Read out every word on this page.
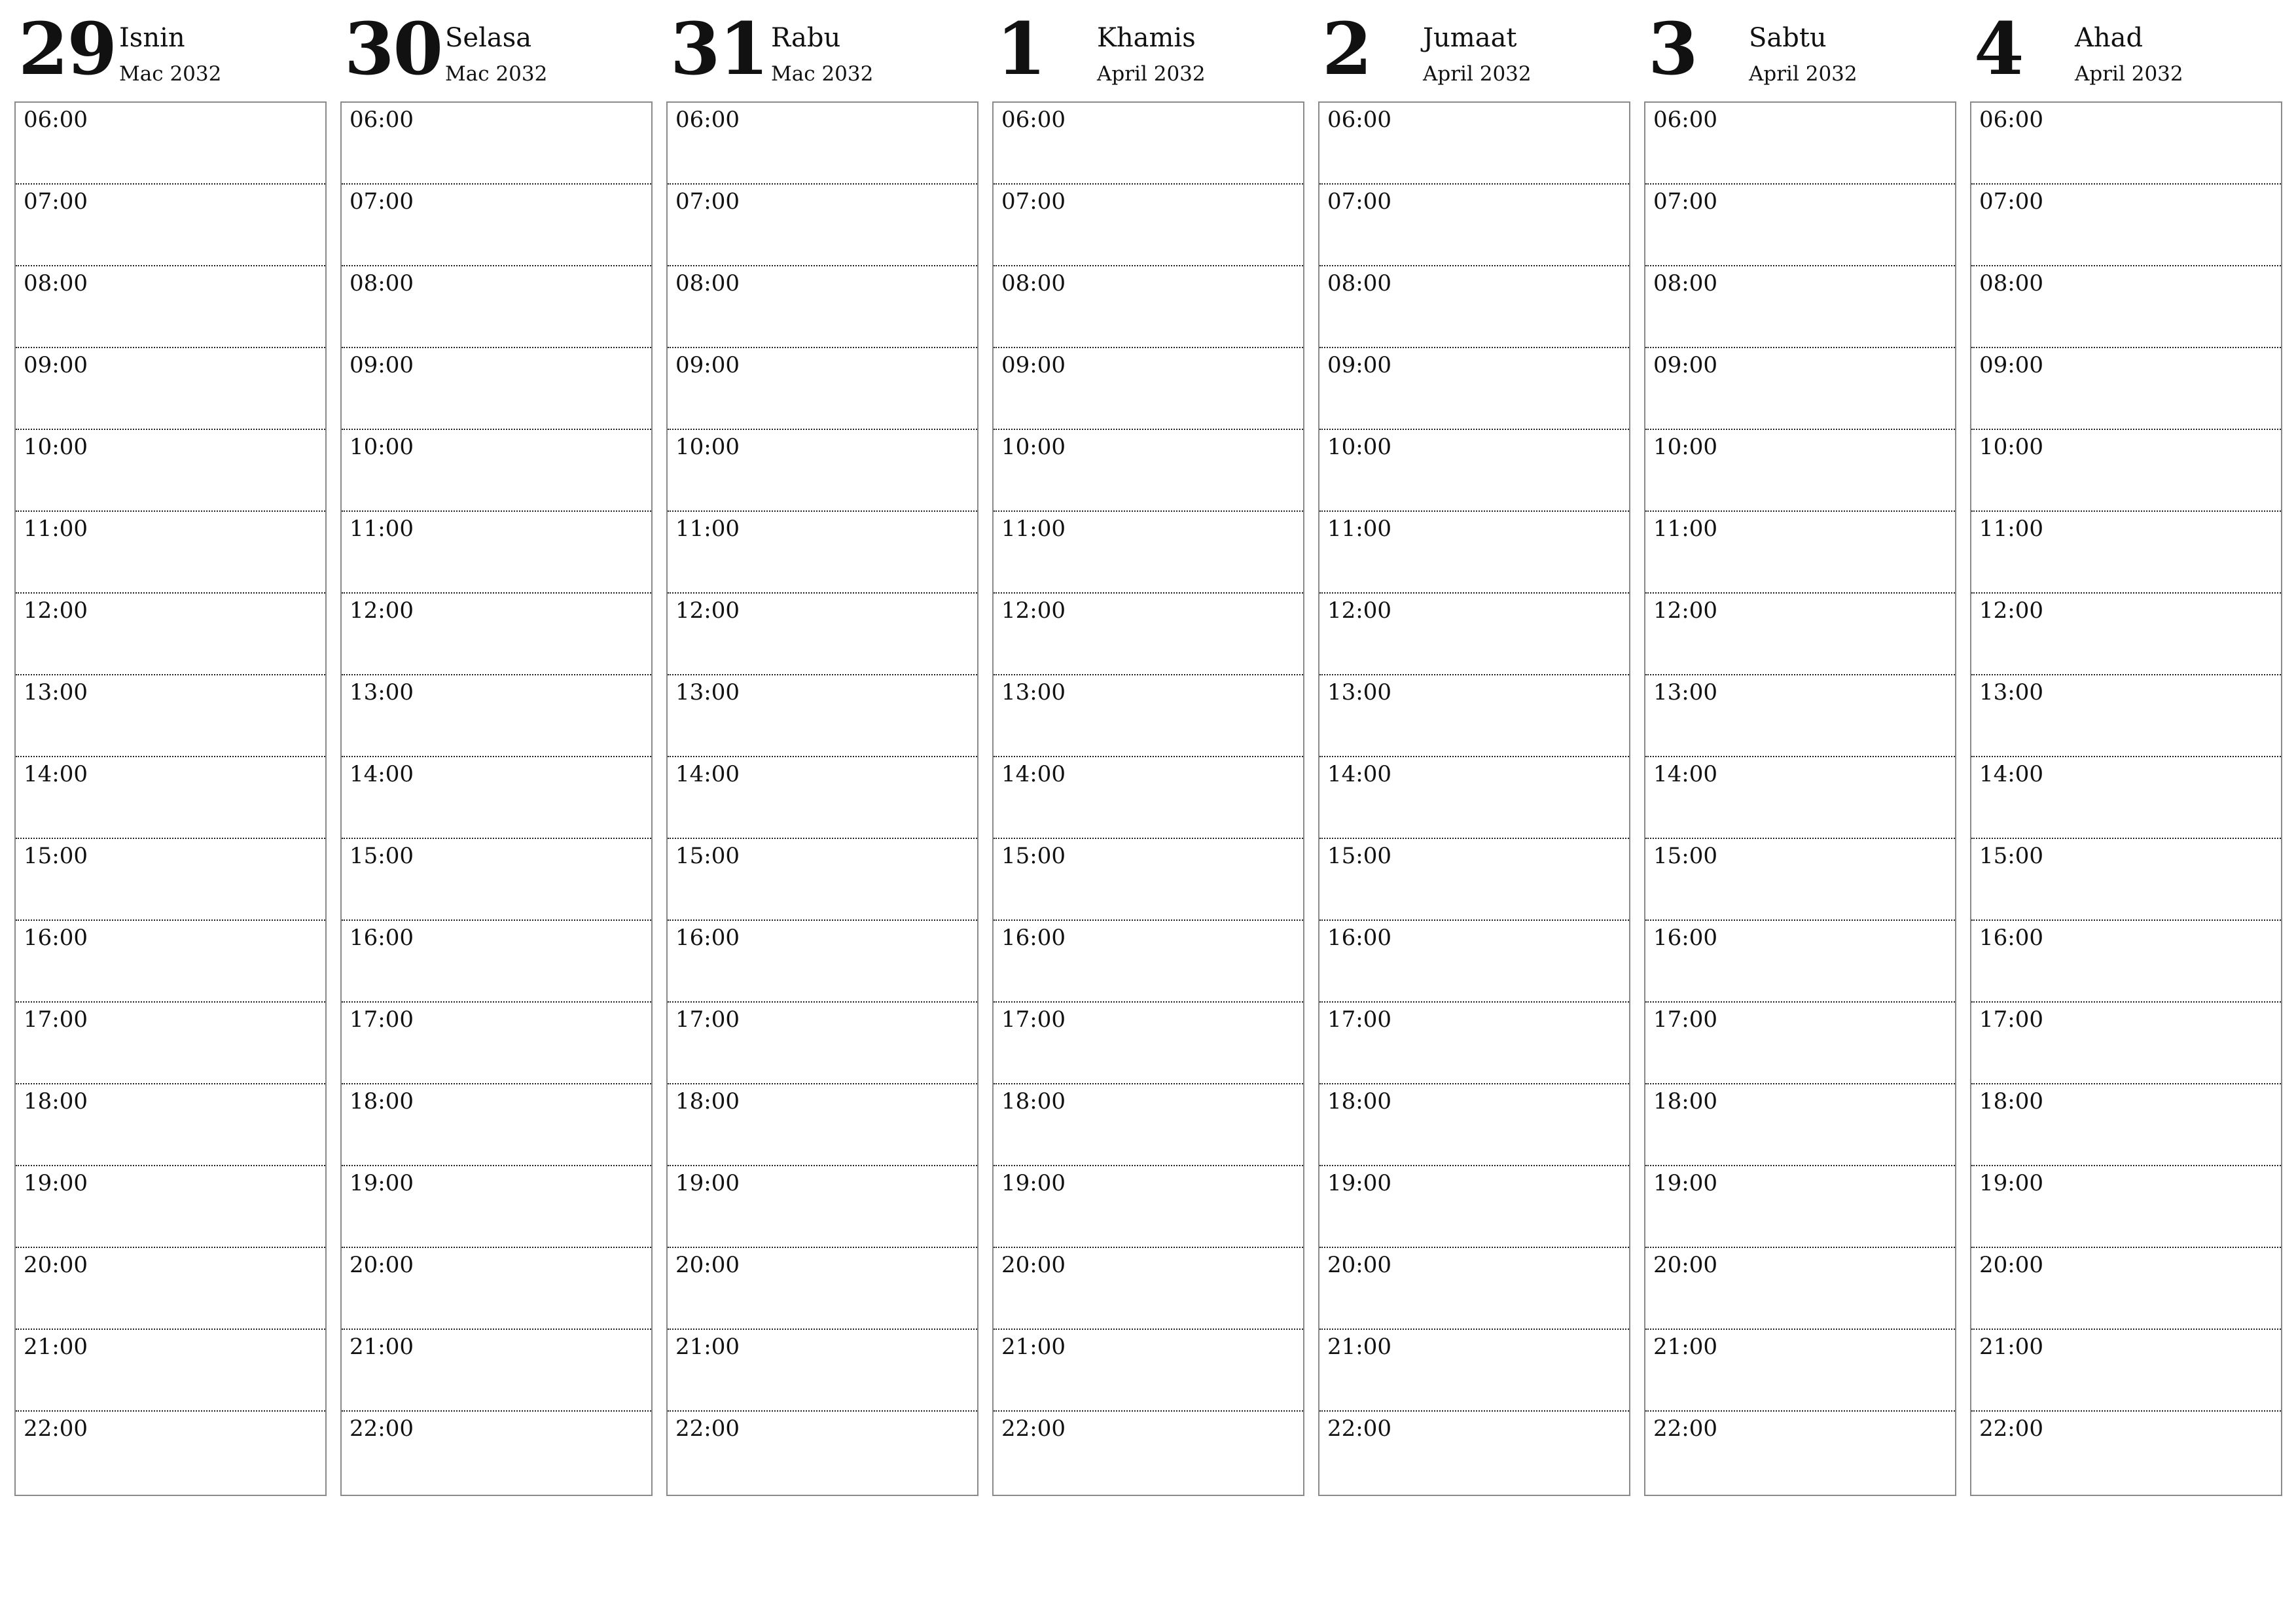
29 Isnin
Mac 2032
06:00
07:00
08:00
09:00
10:00
11:00
12:00
13:00
14:00
15:00
16:00
17:00
18:00
19:00
20:00
21:00
22:00
30 Selasa
Mac 2032
06:00
07:00
08:00
09:00
10:00
11:00
12:00
13:00
14:00
15:00
16:00
17:00
18:00
19:00
20:00
21:00
22:00
31 Rabu
Mac 2032
06:00
07:00
08:00
09:00
10:00
11:00
12:00
13:00
14:00
15:00
16:00
17:00
18:00
19:00
20:00
21:00
22:00
1 Khamis
April 2032
06:00
07:00
08:00
09:00
10:00
11:00
12:00
13:00
14:00
15:00
16:00
17:00
18:00
19:00
20:00
21:00
22:00
2 Jumaat
April 2032
06:00
07:00
08:00
09:00
10:00
11:00
12:00
13:00
14:00
15:00
16:00
17:00
18:00
19:00
20:00
21:00
22:00
3 Sabtu
April 2032
06:00
07:00
08:00
09:00
10:00
11:00
12:00
13:00
14:00
15:00
16:00
17:00
18:00
19:00
20:00
21:00
22:00
4 Ahad
April 2032
06:00
07:00
08:00
09:00
10:00
11:00
12:00
13:00
14:00
15:00
16:00
17:00
18:00
19:00
20:00
21:00
22:00
